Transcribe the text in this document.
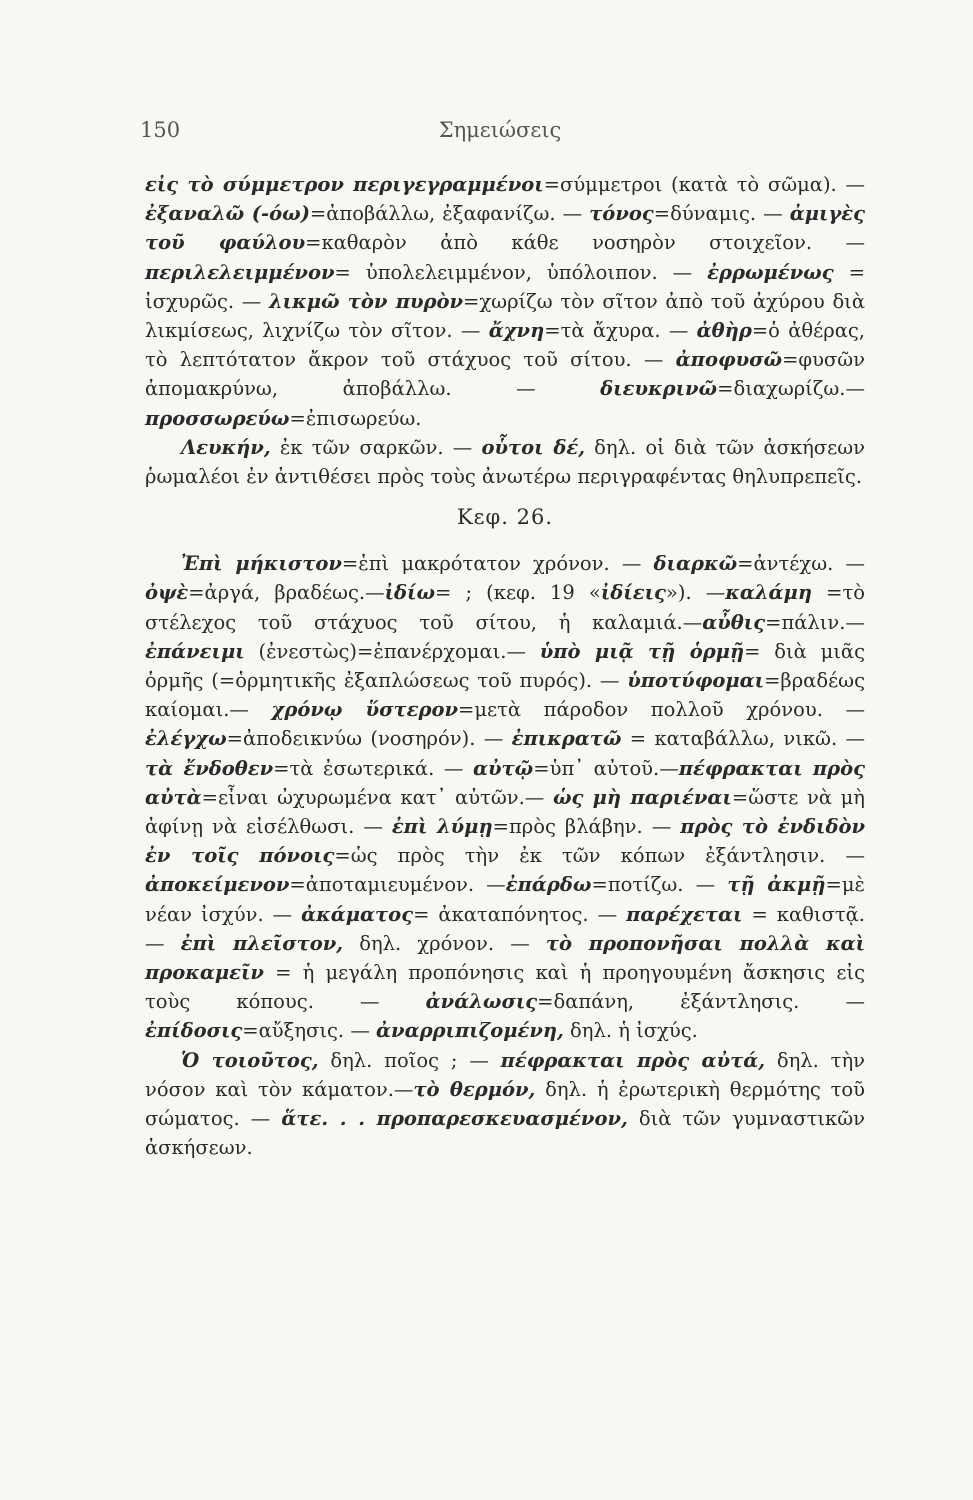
150	Σημειώσεις

εἰς τὸ σύμμετρον περιγεγραμμένοι=σύμμετροι (κατὰ τὸ σῶμα). — ἐξαναλῶ (-όω)=ἀποβάλλω, ἐξαφανίζω. — τόνος=δύναμις. — ἀμιγὲς τοῦ φαύλου=καθαρὸν ἀπὸ κάθε νοσηρὸν στοιχεῖον. — περιλελειμμένον= ὑπολελειμμένον, ὑπόλοιπον. — ἐρρωμένως = ἰσχυρῶς. — λικμῶ τὸν πυρὸν=χωρίζω τὸν σῖτον ἀπὸ τοῦ ἀχύρου διὰ λικμίσεως, λιχνίζω τὸν σῖτον. — ἄχνη=τὰ ἄχυρα. — ἀθὴρ=ὁ ἀθέρας, τὸ λεπτότατον ἄκρον τοῦ στάχυος τοῦ σίτου. — ἀποφυσῶ=φυσῶν ἀπομακρύνω, ἀποβάλλω. — διευκρινῶ=διαχωρίζω.—προσσωρεύω=ἐπισωρεύω.

Λευκήν, ἐκ τῶν σαρκῶν. — οὗτοι δέ, δηλ. οἱ διὰ τῶν ἀσκήσεων ῥωμαλέοι ἐν ἀντιθέσει πρὸς τοὺς ἀνωτέρω περιγραφέντας θηλυπρεπεῖς.

Κεφ. 26.

Ἐπὶ μήκιστον=ἐπὶ μακρότατον χρόνον. — διαρκῶ=ἀντέχω. —ὀψὲ=ἀργά, βραδέως.—ἰδίω= ; (κεφ. 19 «ἰδίεις»). —καλάμη =τὸ στέλεχος τοῦ στάχυος τοῦ σίτου, ἡ καλαμιά.—αὖθις=πάλιν.—ἐπάνειμι (ἐνεστὼς)=ἐπανέρχομαι.— ὑπὸ μιᾷ τῇ ὁρμῇ= διὰ μιᾶς ὁρμῆς (=ὁρμητικῆς ἐξαπλώσεως τοῦ πυρός). — ὑποτύφομαι=βραδέως καίομαι.— χρόνῳ ὕστερον=μετὰ πάροδον πολλοῦ χρόνου. — ἐλέγχω=ἀποδεικνύω (νοσηρόν). — ἐπικρατῶ = καταβάλλω, νικῶ. — τὰ ἔνδοθεν=τὰ ἐσωτερικά. — αὐτῷ=ὑπ᾿ αὐτοῦ.—πέφρακται πρὸς αὐτὰ=εἶναι ὠχυρωμένα κατ᾿ αὐτῶν.— ὡς μὴ παριέναι=ὥστε νὰ μὴ ἀφίνῃ νὰ εἰσέλθωσι. — ἐπὶ λύμῃ=πρὸς βλάβην. — πρὸς τὸ ἐνδιδὸν ἐν τοῖς πόνοις=ὡς πρὸς τὴν ἐκ τῶν κόπων ἐξάντλησιν. — ἀποκείμενον=ἀποταμιευμένον. —ἐπάρδω=ποτίζω. — τῇ ἀκμῇ=μὲ νέαν ἰσχύν. — ἀκάματος= ἀκαταπόνητος. — παρέχεται = καθιστᾷ. — ἐπὶ πλεῖστον, δηλ. χρόνον. — τὸ προπονῆσαι πολλὰ καὶ προκαμεῖν = ἡ μεγάλη προπόνησις καὶ ἡ προηγουμένη ἄσκησις εἰς τοὺς κόπους. — ἀνάλωσις=δαπάνη, ἐξάντλησις. — ἐπίδοσις=αὔξησις. — ἀναρριπιζομένη, δηλ. ἡ ἰσχύς.

Ὁ τοιοῦτος, δηλ. ποῖος ; — πέφρακται πρὸς αὐτά, δηλ. τὴν νόσον καὶ τὸν κάματον.—τὸ θερμόν, δηλ. ἡ ἐρωτερικὴ θερμότης τοῦ σώματος. — ἅτε. . . προπαρεσκευασμένον, διὰ τῶν γυμναστικῶν ἀσκήσεων.
